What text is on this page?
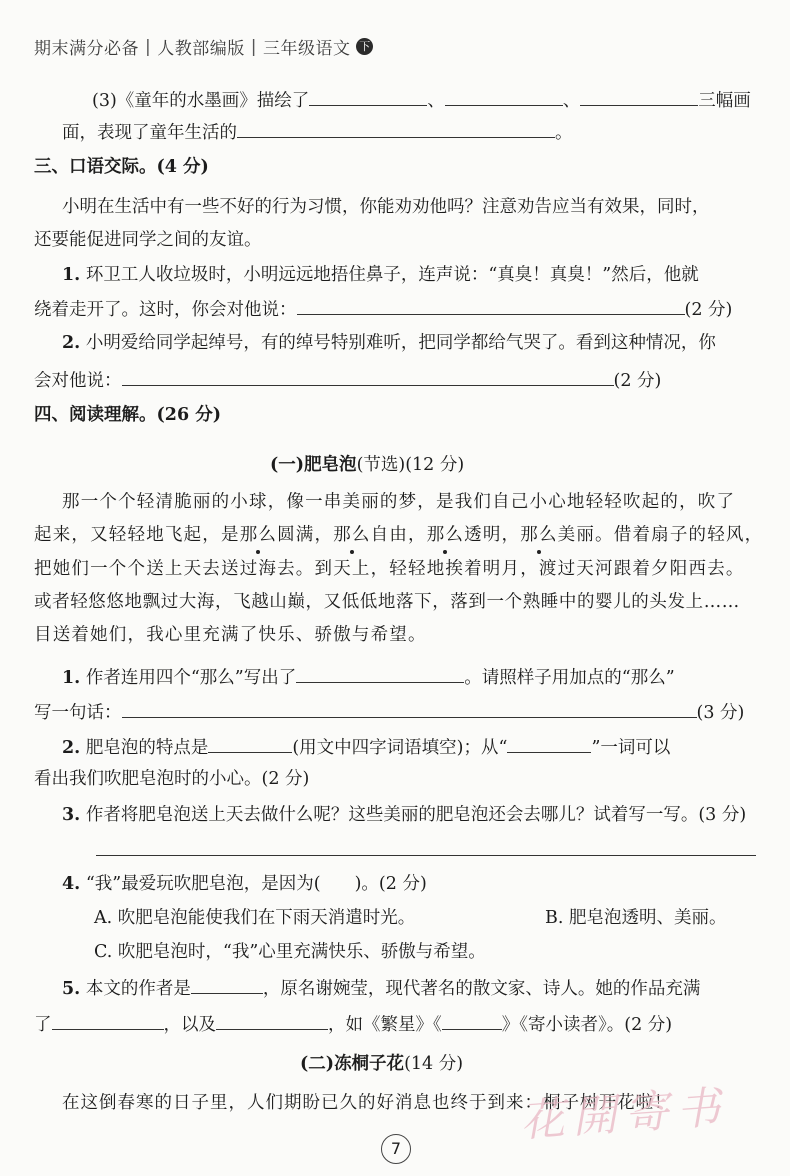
期末满分必备 | 人教部编版 | 三年级语文 下
(3)《童年的水墨画》描绘了	、	、	三幅画
面，表现了童年生活的	。
三、口语交际。(4 分)
小明在生活中有一些不好的行为习惯，你能劝劝他吗？注意劝告应当有效果，同时，
还要能促进同学之间的友谊。
1. 环卫工人收垃圾时，小明远远地捂住鼻子，连声说：“真臭！真臭！”然后，他就
绕着走开了。这时，你会对他说：	(2 分)
2. 小明爱给同学起绰号，有的绰号特别难听，把同学都给气哭了。看到这种情况，你
会对他说：	(2 分)
四、阅读理解。(26 分)
(一)肥皂泡(节选)(12 分)
那一个个轻清脆丽的小球，像一串美丽的梦，是我们自己小心地轻轻吹起的，吹了
起来，又轻轻地飞起，是那么圆满，那么自由，那么透明，那么美丽。借着扇子的轻风，
把她们一个个送上天去送过海去。到天上，轻轻地挨着明月，渡过天河跟着夕阳西去。
或者轻悠悠地飘过大海，飞越山巅，又低低地落下，落到一个熟睡中的婴儿的头发上……
目送着她们，我心里充满了快乐、骄傲与希望。
1. 作者连用四个“那么”写出了	。请照样子用加点的“那么”
写一句话：	(3 分)
2. 肥皂泡的特点是	(用文中四字词语填空)；从“	”一词可以
看出我们吹肥皂泡时的小心。(2 分)
3. 作者将肥皂泡送上天去做什么呢？这些美丽的肥皂泡还会去哪儿？试着写一写。(3 分)
4. “我”最爱玩吹肥皂泡，是因为( )。(2 分)
A. 吹肥皂泡能使我们在下雨天消遣时光。	B. 肥皂泡透明、美丽。
C. 吹肥皂泡时，“我”心里充满快乐、骄傲与希望。
5. 本文的作者是	，原名谢婉莹，现代著名的散文家、诗人。她的作品充满
了	，以及	，如《繁星》《	》《寄小读者》。(2 分)
(二)冻桐子花(14 分)
在这倒春寒的日子里，人们期盼已久的好消息也终于到来：桐子树开花啦！
花開寄书
7
